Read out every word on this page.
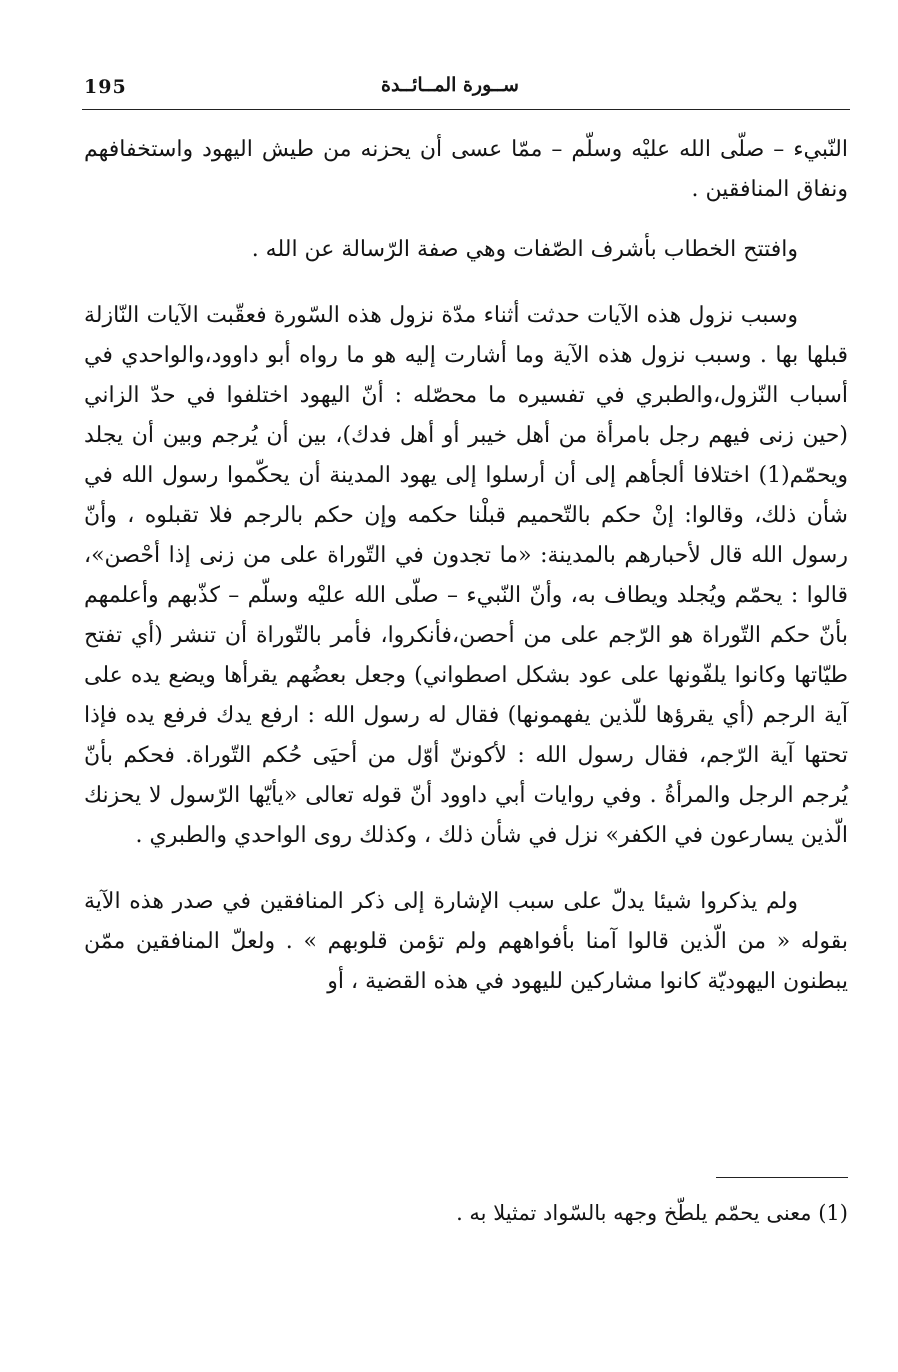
195	ســورة المــائــدة

النّبيء – صلّى الله عليْه وسلّم – ممّا عسى أن يحزنه من طيش اليهود واستخفافهم ونفاق المنافقين .

وافتتح الخطاب بأشرف الصّفات وهي صفة الرّسالة عن الله .

وسبب نزول هذه الآيات حدثت أثناء مدّة نزول هذه السّورة فعقّبت الآيات النّازلة قبلها بها . وسبب نزول هذه الآية وما أشارت إليه هو ما رواه أبو داوود،والواحدي في أسباب النّزول،والطبري في تفسيره ما محصّله : أنّ اليهود اختلفوا في حدّ الزاني (حين زنى فيهم رجل بامرأة من أهل خيبر أو أهل فدك)، بين أن يُرجم وبين أن يجلد ويحمّم(1) اختلافا ألجأهم إلى أن أرسلوا إلى يهود المدينة أن يحكّموا رسول الله في شأن ذلك، وقالوا: إنْ حكم بالتّحميم قبلْنا حكمه وإن حكم بالرجم فلا تقبلوه ، وأنّ رسول الله قال لأحبارهم بالمدينة: «ما تجدون في التّوراة على من زنى إذا أحْصن»، قالوا : يحمّم ويُجلد ويطاف به، وأنّ النّبيء – صلّى الله عليْه وسلّم – كذّبهم وأعلمهم بأنّ حكم التّوراة هو الرّجم على من أحصن،فأنكروا، فأمر بالتّوراة أن تنشر (أي تفتح طيّاتها وكانوا يلفّونها على عود بشكل اصطواني) وجعل بعضُهم يقرأها ويضع يده على آية الرجم (أي يقرؤها للّذين يفهمونها) فقال له رسول الله : ارفع يدك فرفع يده فإذا تحتها آية الرّجم، فقال رسول الله : لأكوننّ أوّل من أحيَى حُكم التّوراة. فحكم بأنّ يُرجم الرجل والمرأةُ . وفي روايات أبي داوود أنّ قوله تعالى «يأيّها الرّسول لا يحزنك الّذين يسارعون في الكفر» نزل في شأن ذلك ، وكذلك روى الواحدي والطبري .

ولم يذكروا شيئا يدلّ على سبب الإشارة إلى ذكر المنافقين في صدر هذه الآية بقوله « من الّذين قالوا آمنا بأفواههم ولم تؤمن قلوبهم » . ولعلّ المنافقين ممّن يبطنون اليهوديّة كانوا مشاركين لليهود في هذه القضية ، أو

(1) معنى يحمّم يلطّخ وجهه بالسّواد تمثيلا به .
